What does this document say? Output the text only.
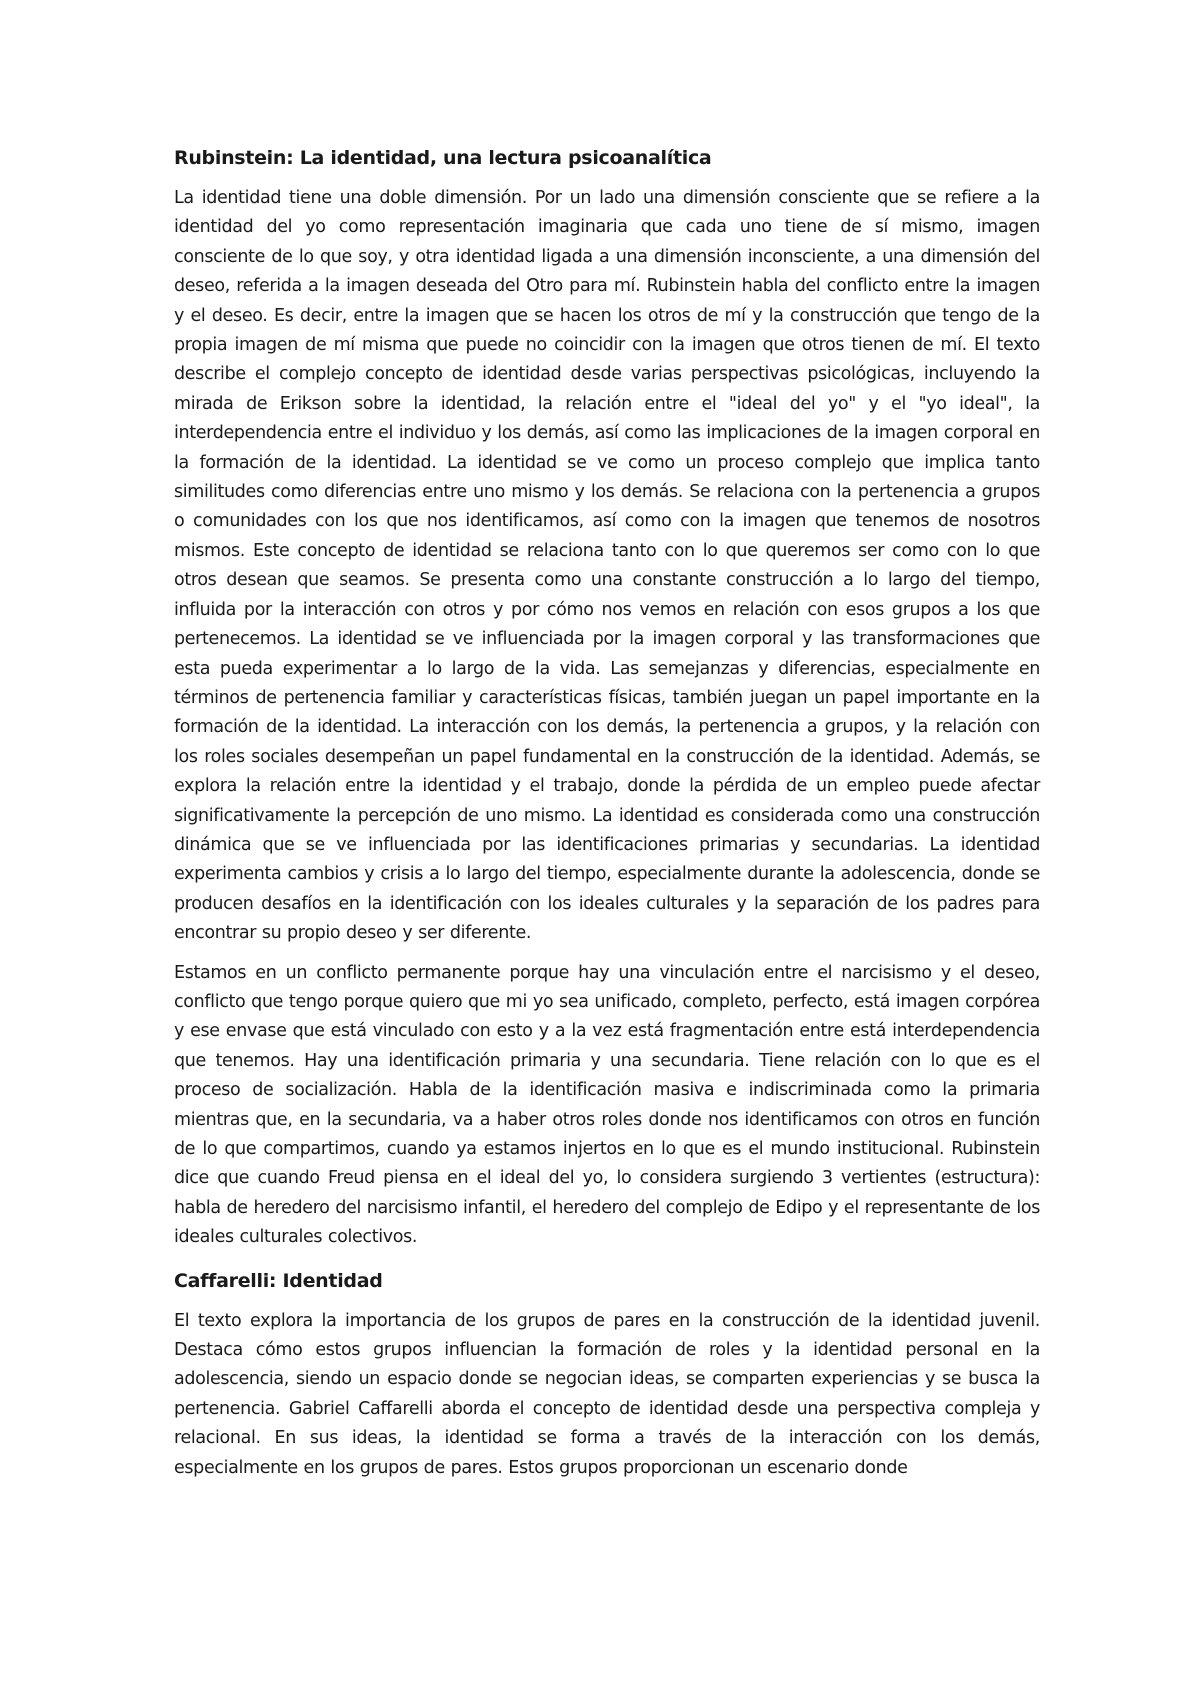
Rubinstein: La identidad, una lectura psicoanalítica

La identidad tiene una doble dimensión. Por un lado una dimensión consciente que se refiere a la identidad del yo como representación imaginaria que cada uno tiene de sí mismo, imagen consciente de lo que soy, y otra identidad ligada a una dimensión inconsciente, a una dimensión del deseo, referida a la imagen deseada del Otro para mí. Rubinstein habla del conflicto entre la imagen y el deseo. Es decir, entre la imagen que se hacen los otros de mí y la construcción que tengo de la propia imagen de mí misma que puede no coincidir con la imagen que otros tienen de mí. El texto describe el complejo concepto de identidad desde varias perspectivas psicológicas, incluyendo la mirada de Erikson sobre la identidad, la relación entre el "ideal del yo" y el "yo ideal", la interdependencia entre el individuo y los demás, así como las implicaciones de la imagen corporal en la formación de la identidad. La identidad se ve como un proceso complejo que implica tanto similitudes como diferencias entre uno mismo y los demás. Se relaciona con la pertenencia a grupos o comunidades con los que nos identificamos, así como con la imagen que tenemos de nosotros mismos. Este concepto de identidad se relaciona tanto con lo que queremos ser como con lo que otros desean que seamos. Se presenta como una constante construcción a lo largo del tiempo, influida por la interacción con otros y por cómo nos vemos en relación con esos grupos a los que pertenecemos. La identidad se ve influenciada por la imagen corporal y las transformaciones que esta pueda experimentar a lo largo de la vida. Las semejanzas y diferencias, especialmente en términos de pertenencia familiar y características físicas, también juegan un papel importante en la formación de la identidad. La interacción con los demás, la pertenencia a grupos, y la relación con los roles sociales desempeñan un papel fundamental en la construcción de la identidad. Además, se explora la relación entre la identidad y el trabajo, donde la pérdida de un empleo puede afectar significativamente la percepción de uno mismo. La identidad es considerada como una construcción dinámica que se ve influenciada por las identificaciones primarias y secundarias. La identidad experimenta cambios y crisis a lo largo del tiempo, especialmente durante la adolescencia, donde se producen desafíos en la identificación con los ideales culturales y la separación de los padres para encontrar su propio deseo y ser diferente.

Estamos en un conflicto permanente porque hay una vinculación entre el narcisismo y el deseo, conflicto que tengo porque quiero que mi yo sea unificado, completo, perfecto, está imagen corpórea y ese envase que está vinculado con esto y a la vez está fragmentación entre está interdependencia que tenemos. Hay una identificación primaria y una secundaria. Tiene relación con lo que es el proceso de socialización. Habla de la identificación masiva e indiscriminada como la primaria mientras que, en la secundaria, va a haber otros roles donde nos identificamos con otros en función de lo que compartimos, cuando ya estamos injertos en lo que es el mundo institucional. Rubinstein dice que cuando Freud piensa en el ideal del yo, lo considera surgiendo 3 vertientes (estructura): habla de heredero del narcisismo infantil, el heredero del complejo de Edipo y el representante de los ideales culturales colectivos.

Caffarelli: Identidad

El texto explora la importancia de los grupos de pares en la construcción de la identidad juvenil. Destaca cómo estos grupos influencian la formación de roles y la identidad personal en la adolescencia, siendo un espacio donde se negocian ideas, se comparten experiencias y se busca la pertenencia. Gabriel Caffarelli aborda el concepto de identidad desde una perspectiva compleja y relacional. En sus ideas, la identidad se forma a través de la interacción con los demás, especialmente en los grupos de pares. Estos grupos proporcionan un escenario donde
